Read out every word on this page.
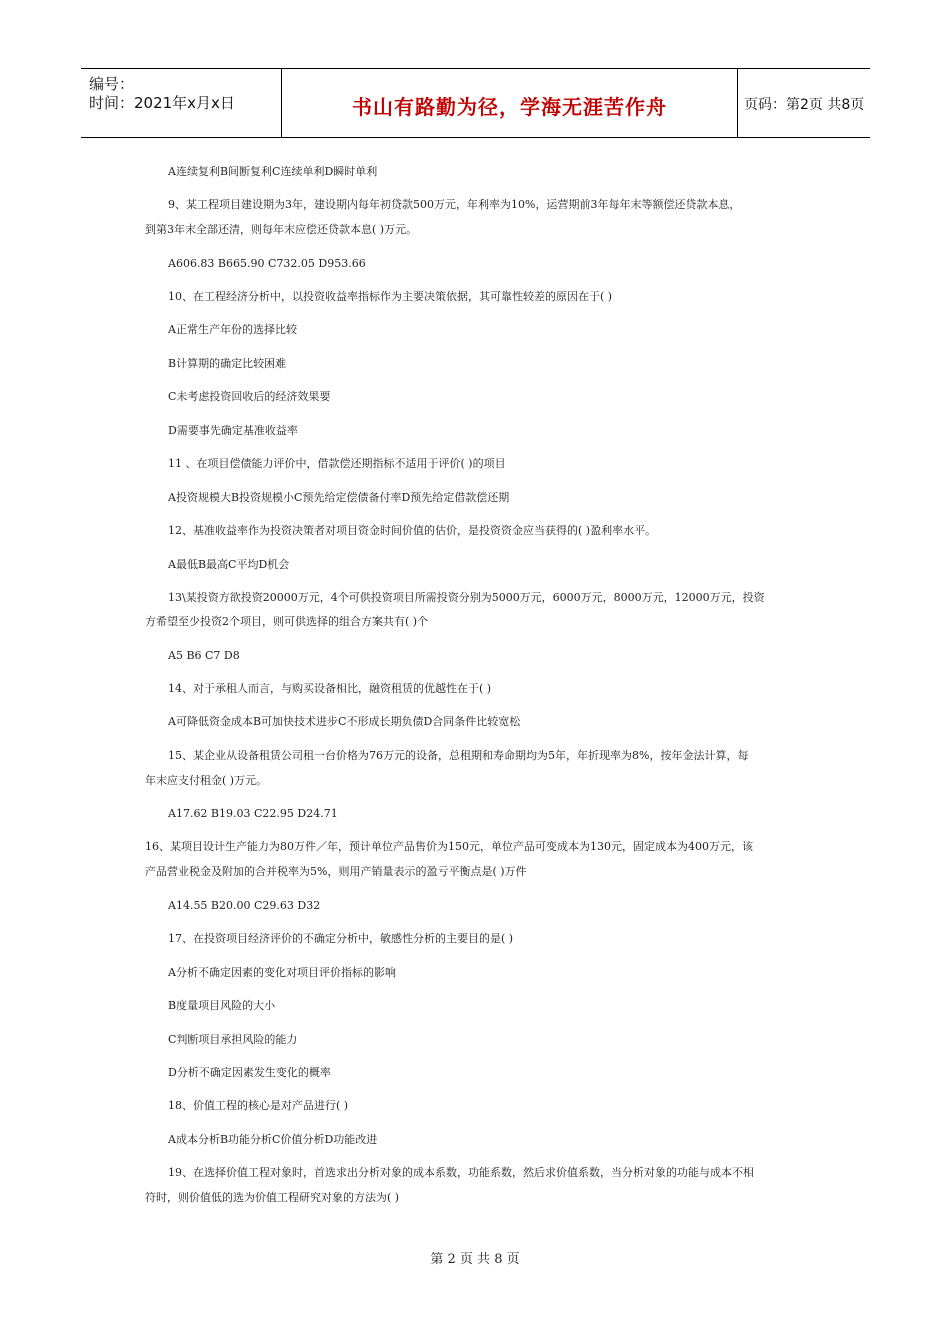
编号：
时间：2021年x月x日	书山有路勤为径，学海无涯苦作舟	页码：第2页 共8页
A连续复利B间断复利C连续单利D瞬时单利
9、某工程项目建设期为3年，建设期内每年初贷款500万元，年利率为10%，运营期前3年每年末等额偿还贷款本息，
到第3年末全部还清，则每年末应偿还贷款本息( )万元。
A606.83 B665.90 C732.05 D953.66
10、在工程经济分析中，以投资收益率指标作为主要决策依据，其可靠性较差的原因在于( )
A正常生产年份的选择比较
B计算期的确定比较困难
C未考虑投资回收后的经济效果要
D需要事先确定基准收益率
11 、在项目偿债能力评价中，借款偿还期指标不适用于评价( )的项目
A投资规模大B投资规模小C预先给定偿债备付率D预先给定借款偿还期
12、基准收益率作为投资决策者对项目资金时间价值的估价，是投资资金应当获得的( )盈利率水平。
A最低B最高C平均D机会
13\某投资方欲投资20000万元，4个可供投资项目所需投资分别为5000万元，6000万元，8000万元，12000万元，投资
方希望至少投资2个项目，则可供选择的组合方案共有( )个
A5 B6 C7 D8
14、对于承租人而言，与购买设备相比，融资租赁的优越性在于( )
A可降低资金成本B可加快技术进步C不形成长期负债D合同条件比较宽松
15、某企业从设备租赁公司租一台价格为76万元的设备，总租期和寿命期均为5年，年折现率为8%，按年金法计算，每
年末应支付租金( )万元。
A17.62 B19.03 C22.95 D24.71
16、某项目设计生产能力为80万件／年，预计单位产品售价为150元，单位产品可变成本为130元，固定成本为400万元，该
产品营业税金及附加的合并税率为5%，则用产销量表示的盈亏平衡点是( )万件
A14.55 B20.00 C29.63 D32
17、在投资项目经济评价的不确定分析中，敏感性分析的主要目的是( )
A分析不确定因素的变化对项目评价指标的影响
B度量项目风险的大小
C判断项目承担风险的能力
D分析不确定因素发生变化的概率
18、价值工程的核心是对产品进行( )
A成本分析B功能分析C价值分析D功能改进
19、在选择价值工程对象时，首选求出分析对象的成本系数，功能系数，然后求价值系数，当分析对象的功能与成本不相
符时，则价值低的选为价值工程研究对象的方法为( )
第 2 页 共 8 页
